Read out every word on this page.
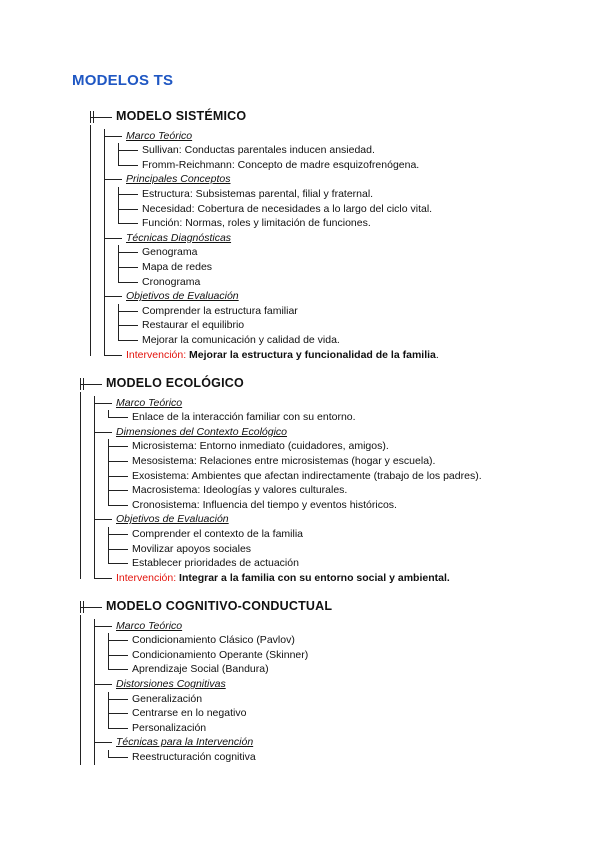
MODELOS TS
MODELO SISTÉMICO
Marco Teórico
Sullivan: Conductas parentales inducen ansiedad.
Fromm-Reichmann: Concepto de madre esquizofrenógena.
Principales Conceptos
Estructura: Subsistemas parental, filial y fraternal.
Necesidad: Cobertura de necesidades a lo largo del ciclo vital.
Función: Normas, roles y limitación de funciones.
Técnicas Diagnósticas
Genograma
Mapa de redes
Cronograma
Objetivos de Evaluación
Comprender la estructura familiar
Restaurar el equilibrio
Mejorar la comunicación y calidad de vida.
Intervención: Mejorar la estructura y funcionalidad de la familia.
MODELO ECOLÓGICO
Marco Teórico
Enlace de la interacción familiar con su entorno.
Dimensiones del Contexto Ecológico
Microsistema: Entorno inmediato (cuidadores, amigos).
Mesosistema: Relaciones entre microsistemas (hogar y escuela).
Exosistema: Ambientes que afectan indirectamente (trabajo de los padres).
Macrosistema: Ideologías y valores culturales.
Cronosistema: Influencia del tiempo y eventos históricos.
Objetivos de Evaluación
Comprender el contexto de la familia
Movilizar apoyos sociales
Establecer prioridades de actuación
Intervención: Integrar a la familia con su entorno social y ambiental.
MODELO COGNITIVO-CONDUCTUAL
Marco Teórico
Condicionamiento Clásico (Pavlov)
Condicionamiento Operante (Skinner)
Aprendizaje Social (Bandura)
Distorsiones Cognitivas
Generalización
Centrarse en lo negativo
Personalización
Técnicas para la Intervención
Reestructuración cognitiva
